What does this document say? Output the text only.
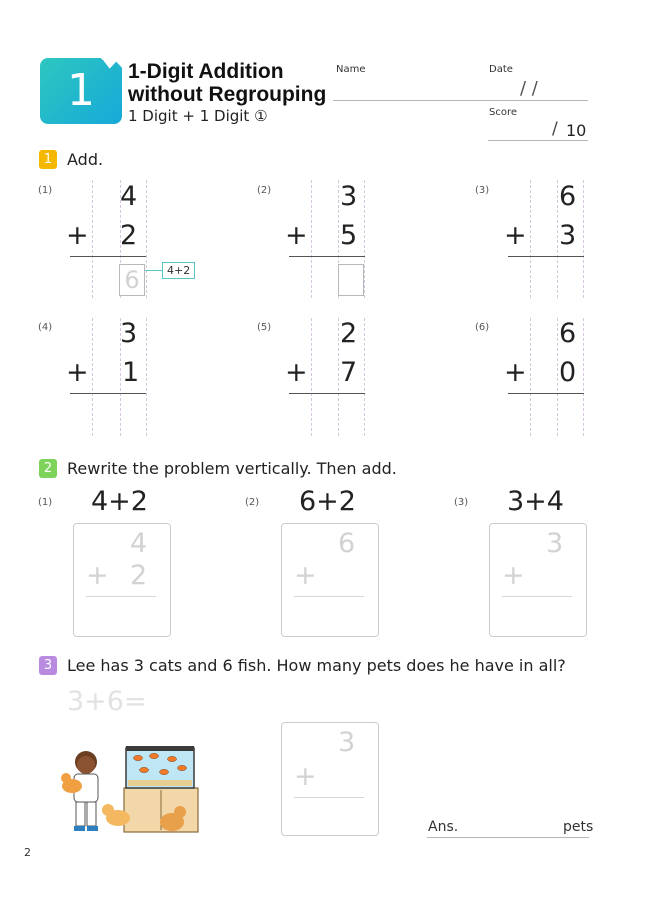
1	1-Digit Addition
without Regrouping
1 Digit + 1 Digit ①
Name	Date
/ /
Score
/ 10
1 Add.
(1)	4
+ 2
6	4+2
(2)	3
+ 5
(3)	6
+ 3
(4)	3
+ 1
(5)	2
+ 7
(6)	6
+ 0
2 Rewrite the problem vertically. Then add.
(1) 4+2
4
+ 2
(2) 6+2
6
+
(3) 3+4
3
+
3 Lee has 3 cats and 6 fish. How many pets does he have in all?
3+6=
3
+
Ans.	pets
2
